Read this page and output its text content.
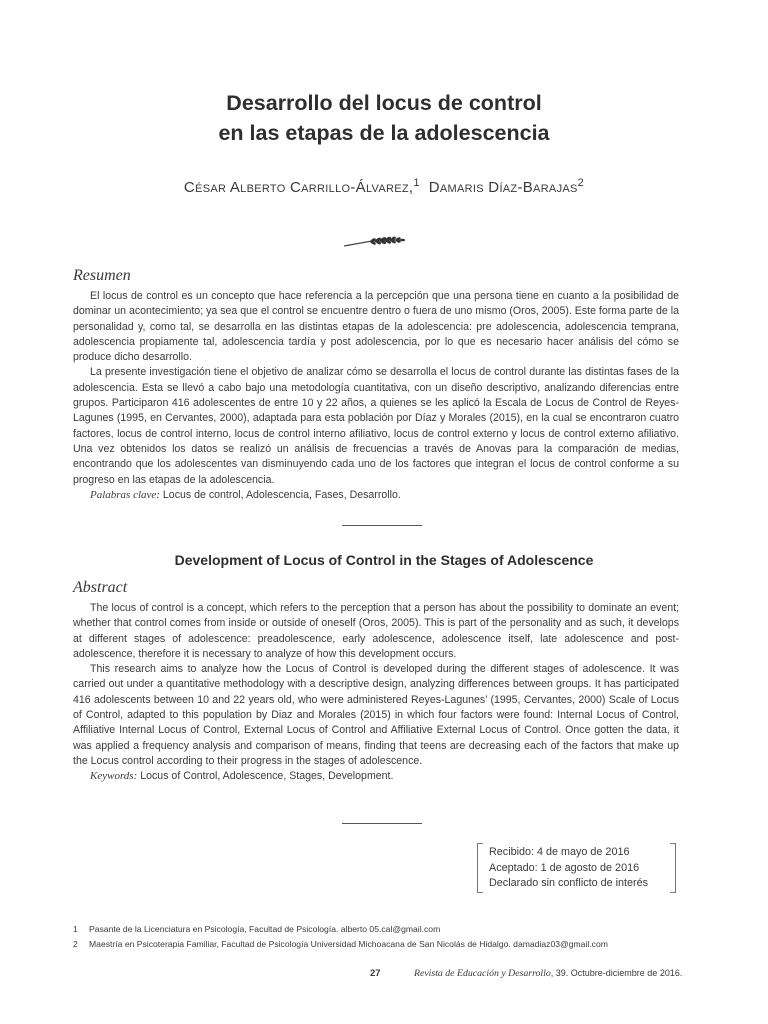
Desarrollo del locus de control
en las etapas de la adolescencia
César Alberto Carrillo-Álvarez,$^1$ Damaris Díaz-Barajas$^2$
Resumen

El locus de control es un concepto que hace referencia a la percepción que una persona tiene en cuanto a la posibilidad de dominar un acontecimiento; ya sea que el control se encuentre dentro o fuera de uno mismo (Oros, 2005). Este forma parte de la personalidad y, como tal, se desarrolla en las distintas etapas de la adolescencia: pre adolescencia, adolescencia temprana, adolescencia propiamente tal, adolescencia tardía y post adolescencia, por lo que es necesario hacer análisis del cómo se produce dicho desarrollo.

La presente investigación tiene el objetivo de analizar cómo se desarrolla el locus de control durante las distintas fases de la adolescencia. Esta se llevó a cabo bajo una metodología cuantitativa, con un diseño descriptivo, analizando diferencias entre grupos. Participaron 416 adolescentes de entre 10 y 22 años, a quienes se les aplicó la Escala de Locus de Control de Reyes-Lagunes (1995, en Cervantes, 2000), adaptada para esta población por Díaz y Morales (2015), en la cual se encontraron cuatro factores, locus de control interno, locus de control interno afiliativo, locus de control externo y locus de control externo afiliativo. Una vez obtenidos los datos se realizó un análisis de frecuencias a través de Anovas para la comparación de medias, encontrando que los adolescentes van disminuyendo cada uno de los factores que integran el locus de control conforme a su progreso en las etapas de la adolescencia.

Palabras clave: Locus de control, Adolescencia, Fases, Desarrollo.

Development of Locus of Control in the Stages of Adolescence
Abstract

The locus of control is a concept, which refers to the perception that a person has about the possibility to dominate an event; whether that control comes from inside or outside of oneself (Oros, 2005). This is part of the personality and as such, it develops at different stages of adolescence: preadolescence, early adolescence, adolescence itself, late adolescence and post-adolescence, therefore it is necessary to analyze of how this development occurs.

This research aims to analyze how the Locus of Control is developed during the different stages of adolescence. It was carried out under a quantitative methodology with a descriptive design, analyzing differences between groups. It has participated 416 adolescents between 10 and 22 years old, who were administered Reyes-Lagunes’ (1995, Cervantes, 2000) Scale of Locus of Control, adapted to this population by Diaz and Morales (2015) in which four factors were found: Internal Locus of Control, Affiliative Internal Locus of Control, External Locus of Control and Affiliative External Locus of Control. Once gotten the data, it was applied a frequency analysis and comparison of means, finding that teens are decreasing each of the factors that make up the Locus control according to their progress in the stages of adolescence.

Keywords: Locus of Control, Adolescence, Stages, Development.

Recibido: 4 de mayo de 2016
Aceptado: 1 de agosto de 2016
Declarado sin conflicto de interés
1 Pasante de la Licenciatura en Psicología, Facultad de Psicología. alberto 05.cal@gmail.com
2 Maestría en Psicoterapia Familiar, Facultad de Psicología Universidad Michoacana de San Nicolás de Hidalgo. damadiaz03@gmail.com
27	Revista de Educación y Desarrollo, 39. Octubre-diciembre de 2016.
